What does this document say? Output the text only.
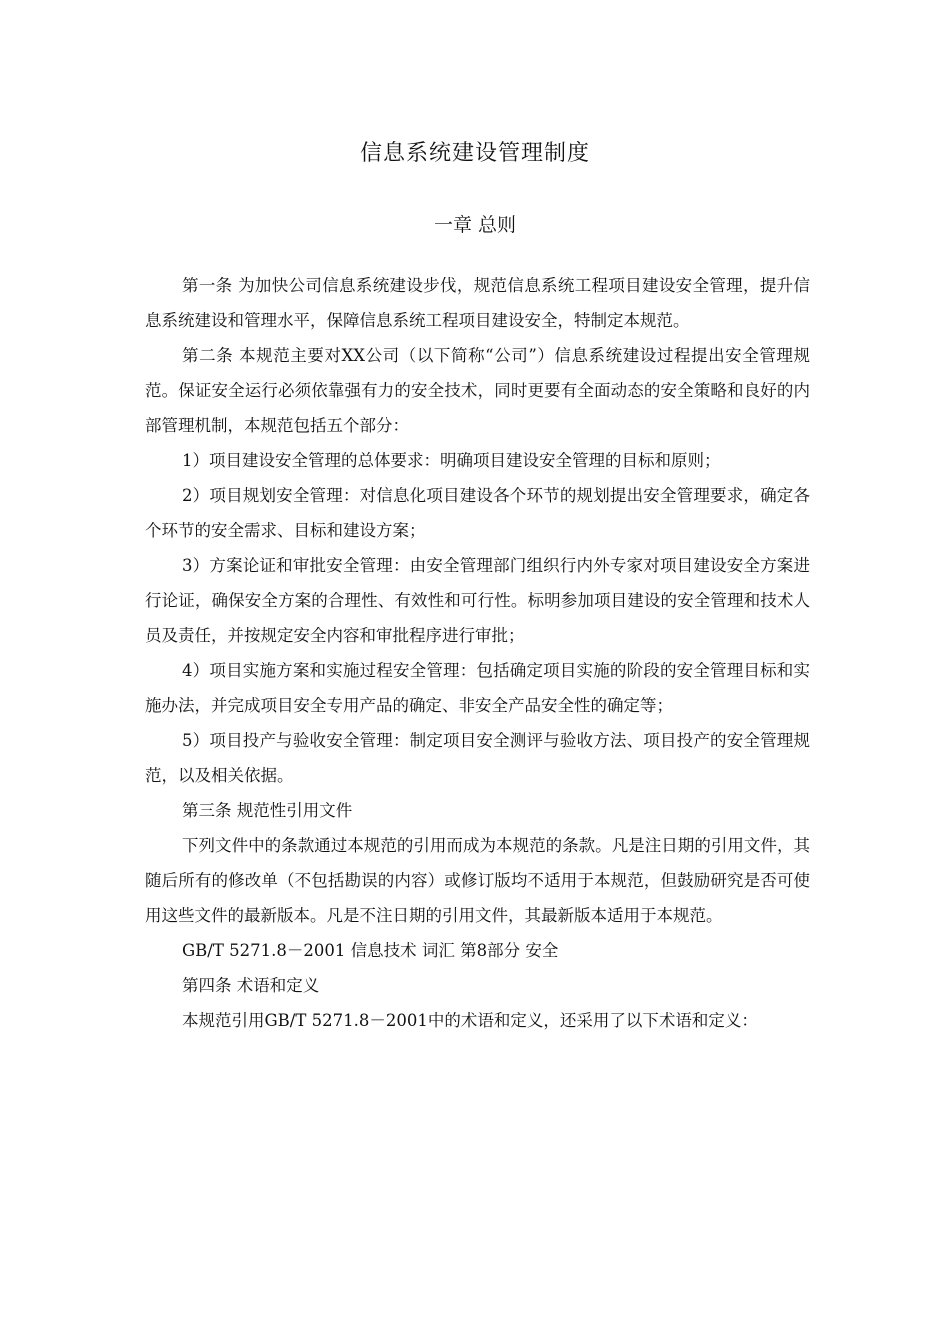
信息系统建设管理制度
一章 总则

第一条 为加快公司信息系统建设步伐，规范信息系统工程项目建设安全管理，提升信息系统建设和管理水平，保障信息系统工程项目建设安全，特制定本规范。

第二条 本规范主要对XX公司（以下简称“公司”）信息系统建设过程提出安全管理规范。保证安全运行必须依靠强有力的安全技术，同时更要有全面动态的安全策略和良好的内部管理机制，本规范包括五个部分：

1）项目建设安全管理的总体要求：明确项目建设安全管理的目标和原则；

2）项目规划安全管理：对信息化项目建设各个环节的规划提出安全管理要求，确定各个环节的安全需求、目标和建设方案；

3）方案论证和审批安全管理：由安全管理部门组织行内外专家对项目建设安全方案进行论证，确保安全方案的合理性、有效性和可行性。标明参加项目建设的安全管理和技术人员及责任，并按规定安全内容和审批程序进行审批；

4）项目实施方案和实施过程安全管理：包括确定项目实施的阶段的安全管理目标和实施办法，并完成项目安全专用产品的确定、非安全产品安全性的确定等；

5）项目投产与验收安全管理：制定项目安全测评与验收方法、项目投产的安全管理规范，以及相关依据。

第三条 规范性引用文件

下列文件中的条款通过本规范的引用而成为本规范的条款。凡是注日期的引用文件，其随后所有的修改单（不包括勘误的内容）或修订版均不适用于本规范，但鼓励研究是否可使用这些文件的最新版本。凡是不注日期的引用文件，其最新版本适用于本规范。

GB/T 5271.8－2001 信息技术 词汇 第8部分 安全

第四条 术语和定义

本规范引用GB/T 5271.8－2001中的术语和定义，还采用了以下术语和定义：
